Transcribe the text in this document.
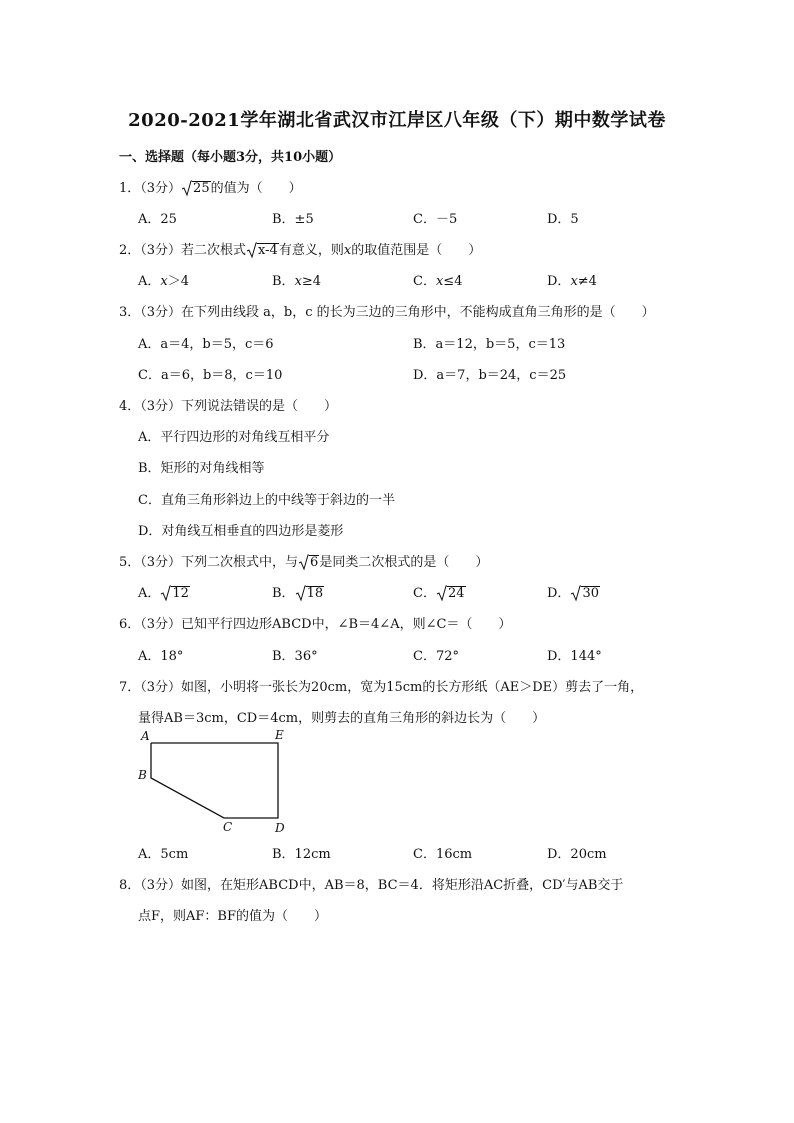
2020-2021学年湖北省武汉市江岸区八年级（下）期中数学试卷
一、选择题（每小题3分，共10小题）
1．（3分） 25的值为（　　）
A．25	B．±5	C．－5	D．5
2．（3分）若二次根式 x-4有意义，则x的取值范围是（　　）
A．x＞4	B．x≥4	C．x≤4	D．x≠4
3．（3分）在下列由线段 a，b，c 的长为三边的三角形中，不能构成直角三角形的是（　　）
A．a＝4，b＝5，c＝6	B．a＝12，b＝5，c＝13
C．a＝6，b＝8，c＝10	D．a＝7，b＝24，c＝25
4．（3分）下列说法错误的是（　　）
A．平行四边形的对角线互相平分
B．矩形的对角线相等
C．直角三角形斜边上的中线等于斜边的一半
D．对角线互相垂直的四边形是菱形
5．（3分）下列二次根式中，与 6是同类二次根式的是（　　）
A． 12	B． 18	C． 24	D． 30
6．（3分）已知平行四边形ABCD中，∠B＝4∠A，则∠C＝（　　）
A．18°	B．36°	C．72°	D．144°
7．（3分）如图，小明将一张长为20cm，宽为15cm的长方形纸（AE＞DE）剪去了一角，
量得AB＝3cm，CD＝4cm，则剪去的直角三角形的斜边长为（　　）
A	E
B
C	D
A．5cm	B．12cm	C．16cm	D．20cm
8．（3分）如图，在矩形ABCD中，AB＝8，BC＝4．将矩形沿AC折叠，CD′与AB交于
点F，则AF：BF的值为（　　）
